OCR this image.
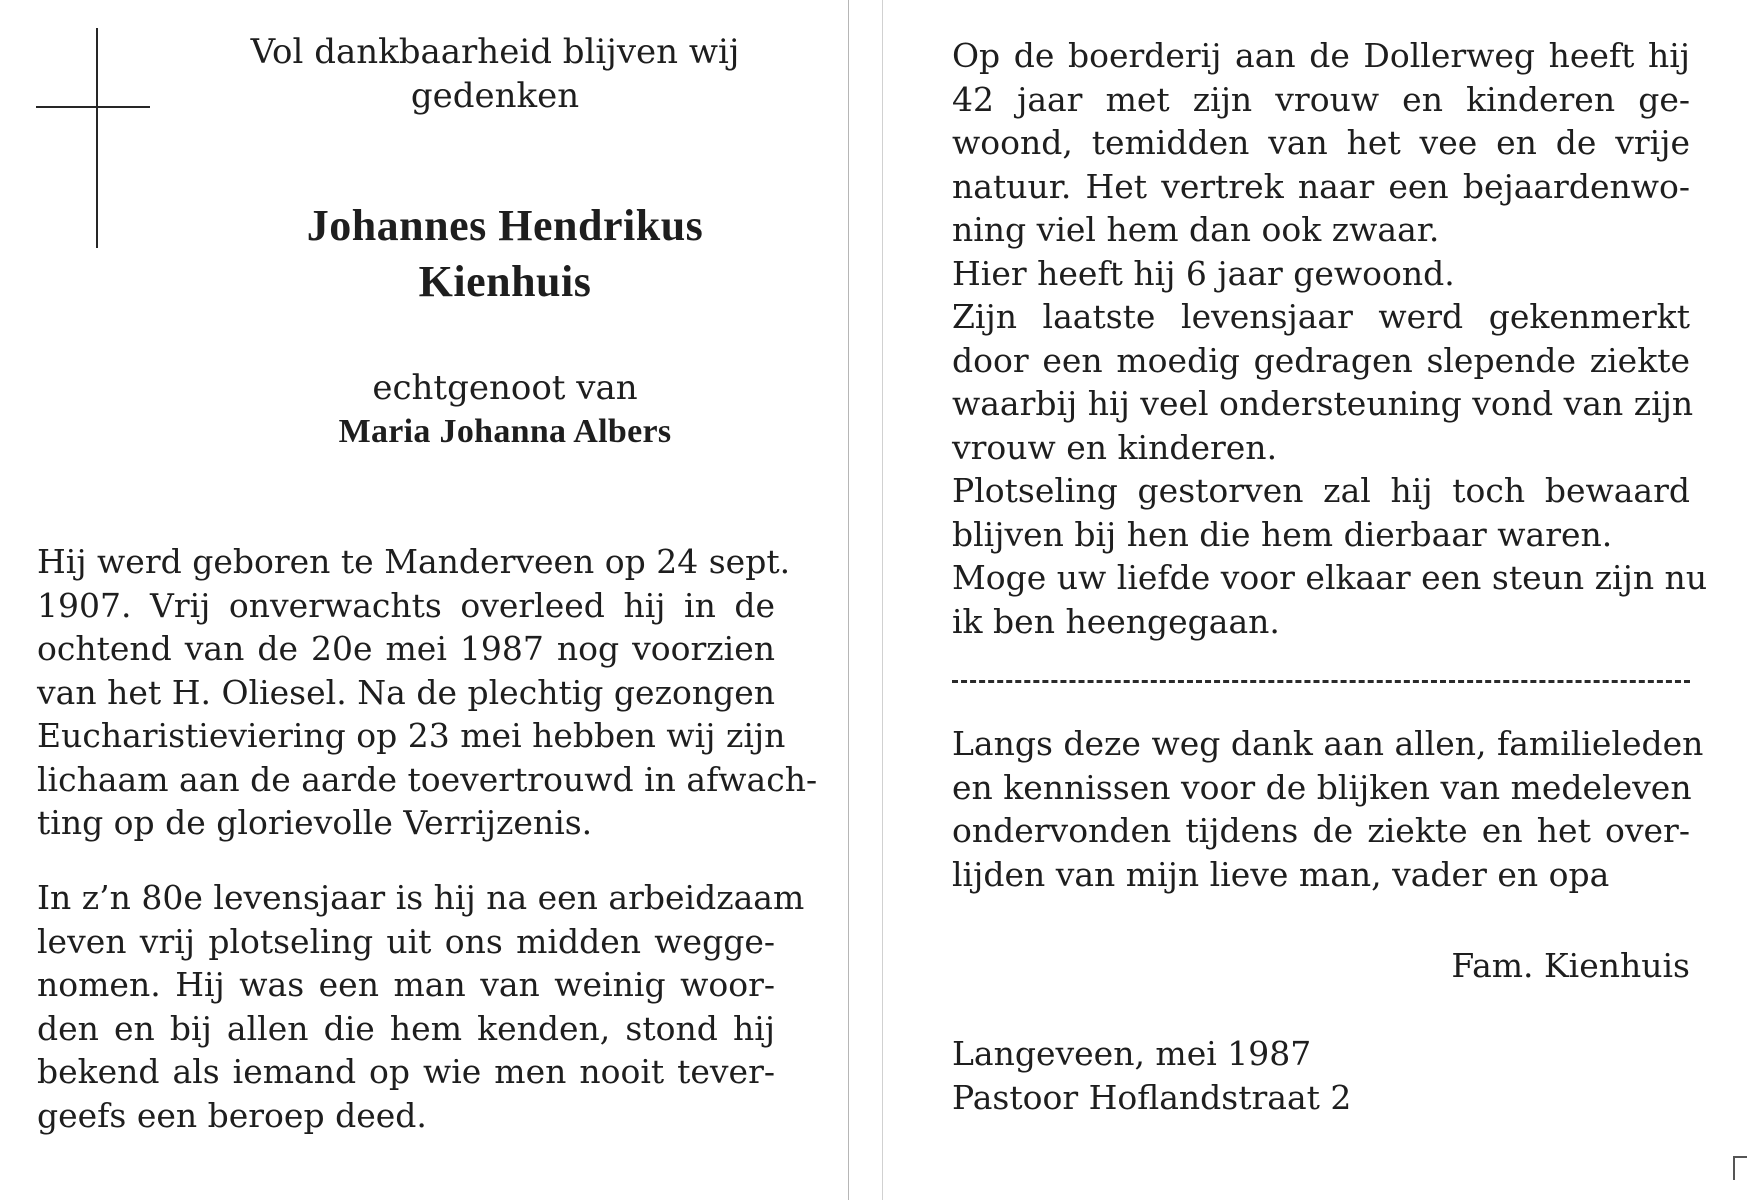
Vol dankbaarheid blijven wij
gedenken

Johannes Hendrikus
Kienhuis

echtgenoot van

Maria Johanna Albers

Hij werd geboren te Manderveen op 24 sept.
1907. Vrij onverwachts overleed hij in de
ochtend van de 20e mei 1987 nog voorzien
van het H. Oliesel. Na de plechtig gezongen
Eucharistieviering op 23 mei hebben wij zijn
lichaam aan de aarde toevertrouwd in afwach-
ting op de glorievolle Verrijzenis.

In z’n 80e levensjaar is hij na een arbeidzaam
leven vrij plotseling uit ons midden wegge-
nomen. Hij was een man van weinig woor-
den en bij allen die hem kenden, stond hij
bekend als iemand op wie men nooit tever-
geefs een beroep deed.

Op de boerderij aan de Dollerweg heeft hij
42 jaar met zijn vrouw en kinderen ge-
woond, temidden van het vee en de vrije
natuur. Het vertrek naar een bejaardenwo-
ning viel hem dan ook zwaar.
Hier heeft hij 6 jaar gewoond.
Zijn laatste levensjaar werd gekenmerkt
door een moedig gedragen slepende ziekte
waarbij hij veel ondersteuning vond van zijn
vrouw en kinderen.
Plotseling gestorven zal hij toch bewaard
blijven bij hen die hem dierbaar waren.
Moge uw liefde voor elkaar een steun zijn nu
ik ben heengegaan.

Langs deze weg dank aan allen, familieleden
en kennissen voor de blijken van medeleven
ondervonden tijdens de ziekte en het over-
lijden van mijn lieve man, vader en opa

Fam. Kienhuis

Langeveen, mei 1987
Pastoor Hoflandstraat 2
